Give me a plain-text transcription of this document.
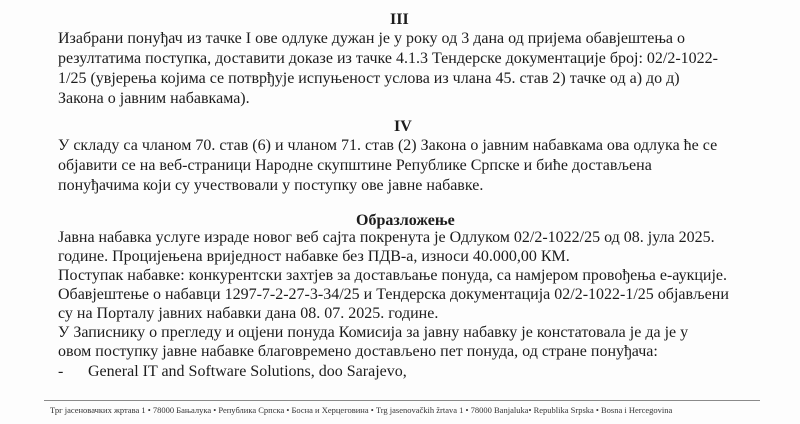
III
Изабрани понуђач из тачке I ове одлуке дужан је у року од 3 дана од пријема обавјештења о
резултатима поступка, доставити доказе из тачке 4.1.3 Тендерске документације број: 02/2-1022-
1/25 (увјерења којима се потврђује испуњеност услова из члана 45. став 2) тачке од а) до д)
Закона о јавним набавкама).
IV
У складу са чланом 70. став (6) и чланом 71. став (2) Закона о јавним набавкама ова одлука ће се
објавити се на веб-страници Народне скупштине Републике Српске и биће достављена
понуђачима који су учествовали у поступку ове јавне набавке.
Образложење
Јавна набавка услуге израде новог веб сајта покренута је Одлуком 02/2-1022/25 од 08. јула 2025.
године. Процијењена вриједност набавке без ПДВ-а, износи 40.000,00 КМ.
Поступак набавке: конкурентски захтјев за достављање понуда, са намјером провођења е-аукције.
Обавјештење о набавци 1297-7-2-27-3-34/25 и Тендерска документација 02/2-1022-1/25 објављени
су на Порталу јавних набавки дана 08. 07. 2025. године.
У Записнику о прегледу и оцјени понуда Комисија за јавну набавку је констатовала је да је у
овом поступку јавне набавке благовремено достављено пет понуда, од стране понуђача:
- General IT and Software Solutions, doo Sarajevo,
Трг јасеновачких жртава 1 • 78000 Бањалука • Република Српска • Босна и Херцеговина • Trg jasenovačkih žrtava 1 • 78000 Banjaluka• Republika Srpska • Bosna i Hercegovina
